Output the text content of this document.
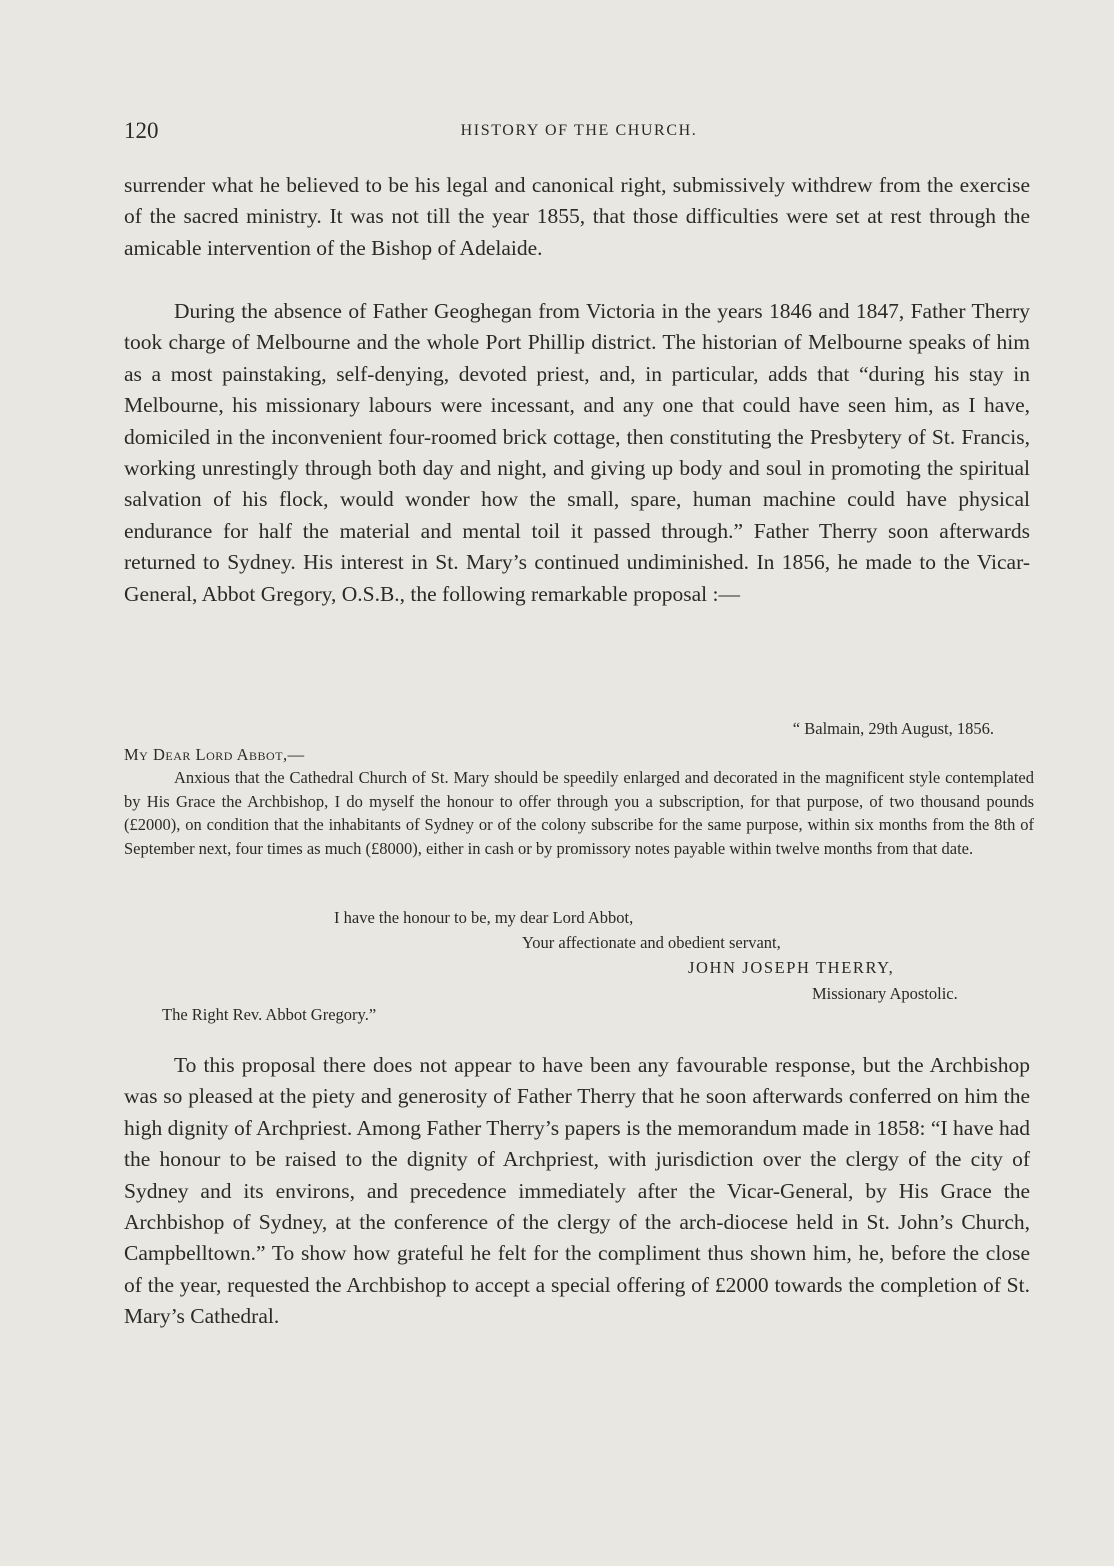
120	HISTORY OF THE CHURCH.

surrender what he believed to be his legal and canonical right, submissively withdrew from the exercise of the sacred ministry. It was not till the year 1855, that those difficulties were set at rest through the amicable intervention of the Bishop of Adelaide.

During the absence of Father Geoghegan from Victoria in the years 1846 and 1847, Father Therry took charge of Melbourne and the whole Port Phillip district. The historian of Melbourne speaks of him as a most painstaking, self-denying, devoted priest, and, in particular, adds that “during his stay in Melbourne, his missionary labours were incessant, and any one that could have seen him, as I have, domiciled in the inconvenient four-roomed brick cottage, then constituting the Presbytery of St. Francis, working unrestingly through both day and night, and giving up body and soul in promoting the spiritual salvation of his flock, would wonder how the small, spare, human machine could have physical endurance for half the material and mental toil it passed through.” Father Therry soon afterwards returned to Sydney. His interest in St. Mary’s continued undiminished. In 1856, he made to the Vicar-General, Abbot Gregory, O.S.B., the following remarkable proposal :—

“ Balmain, 29th August, 1856.
My Dear Lord Abbot,—

Anxious that the Cathedral Church of St. Mary should be speedily enlarged and decorated in the magnificent style contemplated by His Grace the Archbishop, I do myself the honour to offer through you a subscription, for that purpose, of two thousand pounds (£2000), on condition that the inhabitants of Sydney or of the colony subscribe for the same purpose, within six months from the 8th of September next, four times as much (£8000), either in cash or by promissory notes payable within twelve months from that date.

I have the honour to be, my dear Lord Abbot,
Your affectionate and obedient servant,
JOHN JOSEPH THERRY,
Missionary Apostolic.
The Right Rev. Abbot Gregory.”

To this proposal there does not appear to have been any favourable response, but the Archbishop was so pleased at the piety and generosity of Father Therry that he soon afterwards conferred on him the high dignity of Archpriest. Among Father Therry’s papers is the memorandum made in 1858: “I have had the honour to be raised to the dignity of Archpriest, with jurisdiction over the clergy of the city of Sydney and its environs, and precedence immediately after the Vicar-General, by His Grace the Archbishop of Sydney, at the conference of the clergy of the arch-diocese held in St. John’s Church, Campbelltown.” To show how grateful he felt for the compliment thus shown him, he, before the close of the year, requested the Archbishop to accept a special offering of £2000 towards the completion of St. Mary’s Cathedral.
